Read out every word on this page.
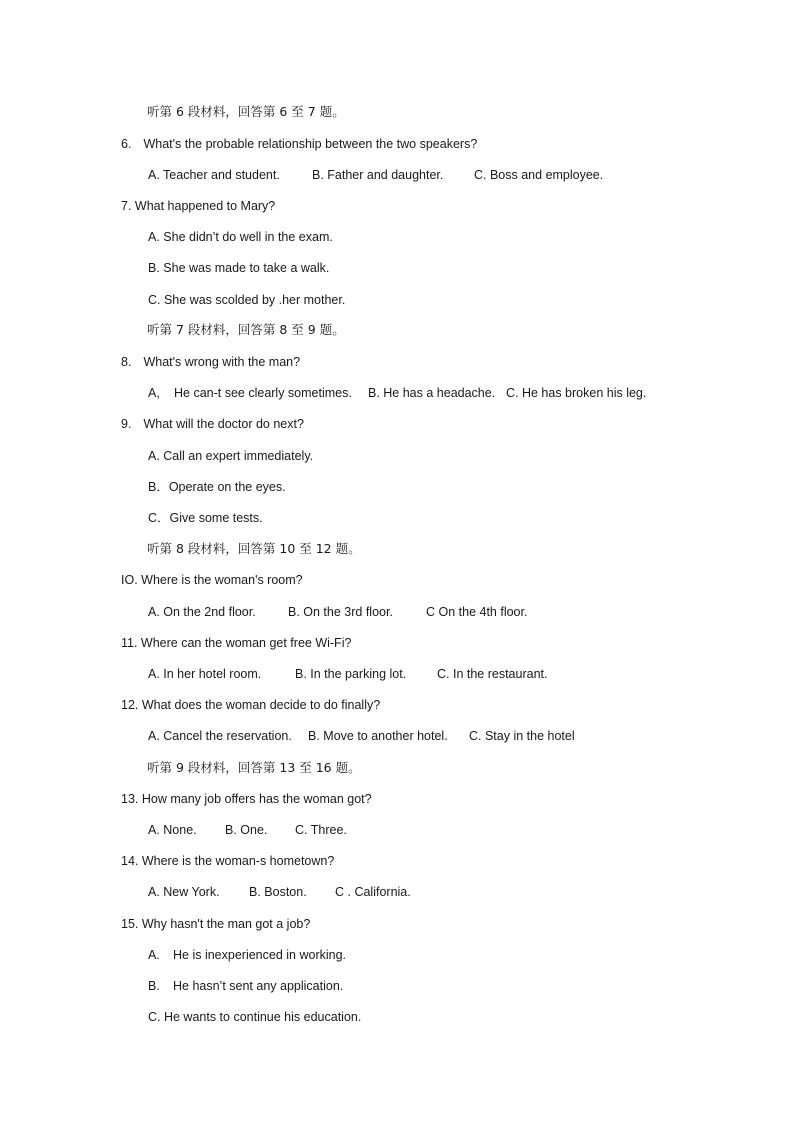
听第 6 段材料，回答第 6 至 7 题。
6. What's the probable relationship between the two speakers?
A. Teacher and student.	B. Father and daughter. C. Boss and employee.
7. What happened to Mary?
A. She didn’t do well in the exam.
B. She was made to take a walk.
C. She was scolded by .her mother.
听第 7 段材料，回答第 8 至 9 题。
8. What's wrong with the man?
A, He can-t see clearly sometimes. B. He has a headache. C. He has broken his leg.
9. What will the doctor do next?
A. Call an expert immediately.
B．Operate on the eyes.
C．Give some tests.
听第 8 段材料，回答第 10 至 12 题。
IO. Where is the woman's room?
A. On the 2nd floor.	B. On the 3rd floor.	C On the 4th floor.
11. Where can the woman get free Wi-Fi?
A. In her hotel room.	B. In the parking lot. C. In the restaurant.
12. What does the woman decide to do finally?
A. Cancel the reservation. B. Move to another hotel. C. Stay in the hotel
听第 9 段材料，回答第 13 至 16 题。
13. How many job offers has the woman got?
A. None. B. One. C. Three.
14. Where is the woman-s hometown?
A. New York. B. Boston. C . California.
15. Why hasn't the man got a job?
A. He is inexperienced in working.
B. He hasn’t sent any application.
C. He wants to continue his education.
